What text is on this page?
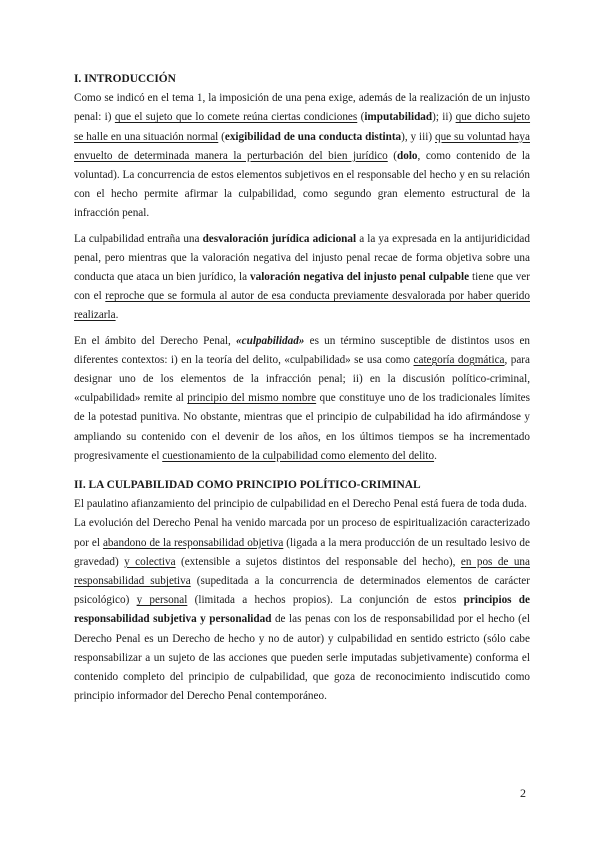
I. INTRODUCCIÓN

Como se indicó en el tema 1, la imposición de una pena exige, además de la realización de un injusto penal: i) que el sujeto que lo comete reúna ciertas condiciones (imputabilidad); ii) que dicho sujeto se halle en una situación normal (exigibilidad de una conducta distinta), y iii) que su voluntad haya envuelto de determinada manera la perturbación del bien jurídico (dolo, como contenido de la voluntad). La concurrencia de estos elementos subjetivos en el responsable del hecho y en su relación con el hecho permite afirmar la culpabilidad, como segundo gran elemento estructural de la infracción penal.

La culpabilidad entraña una desvaloración jurídica adicional a la ya expresada en la antijuridicidad penal, pero mientras que la valoración negativa del injusto penal recae de forma objetiva sobre una conducta que ataca un bien jurídico, la valoración negativa del injusto penal culpable tiene que ver con el reproche que se formula al autor de esa conducta previamente desvalorada por haber querido realizarla.

En el ámbito del Derecho Penal, «culpabilidad» es un término susceptible de distintos usos en diferentes contextos: i) en la teoría del delito, «culpabilidad» se usa como categoría dogmática, para designar uno de los elementos de la infracción penal; ii) en la discusión político-criminal, «culpabilidad» remite al principio del mismo nombre que constituye uno de los tradicionales límites de la potestad punitiva. No obstante, mientras que el principio de culpabilidad ha ido afirmándose y ampliando su contenido con el devenir de los años, en los últimos tiempos se ha incrementado progresivamente el cuestionamiento de la culpabilidad como elemento del delito.

II. LA CULPABILIDAD COMO PRINCIPIO POLÍTICO-CRIMINAL

El paulatino afianzamiento del principio de culpabilidad en el Derecho Penal está fuera de toda duda.

La evolución del Derecho Penal ha venido marcada por un proceso de espiritualización caracterizado por el abandono de la responsabilidad objetiva (ligada a la mera producción de un resultado lesivo de gravedad) y colectiva (extensible a sujetos distintos del responsable del hecho), en pos de una responsabilidad subjetiva (supeditada a la concurrencia de determinados elementos de carácter psicológico) y personal (limitada a hechos propios). La conjunción de estos principios de responsabilidad subjetiva y personalidad de las penas con los de responsabilidad por el hecho (el Derecho Penal es un Derecho de hecho y no de autor) y culpabilidad en sentido estricto (sólo cabe responsabilizar a un sujeto de las acciones que pueden serle imputadas subjetivamente) conforma el contenido completo del principio de culpabilidad, que goza de reconocimiento indiscutido como principio informador del Derecho Penal contemporáneo.

2
